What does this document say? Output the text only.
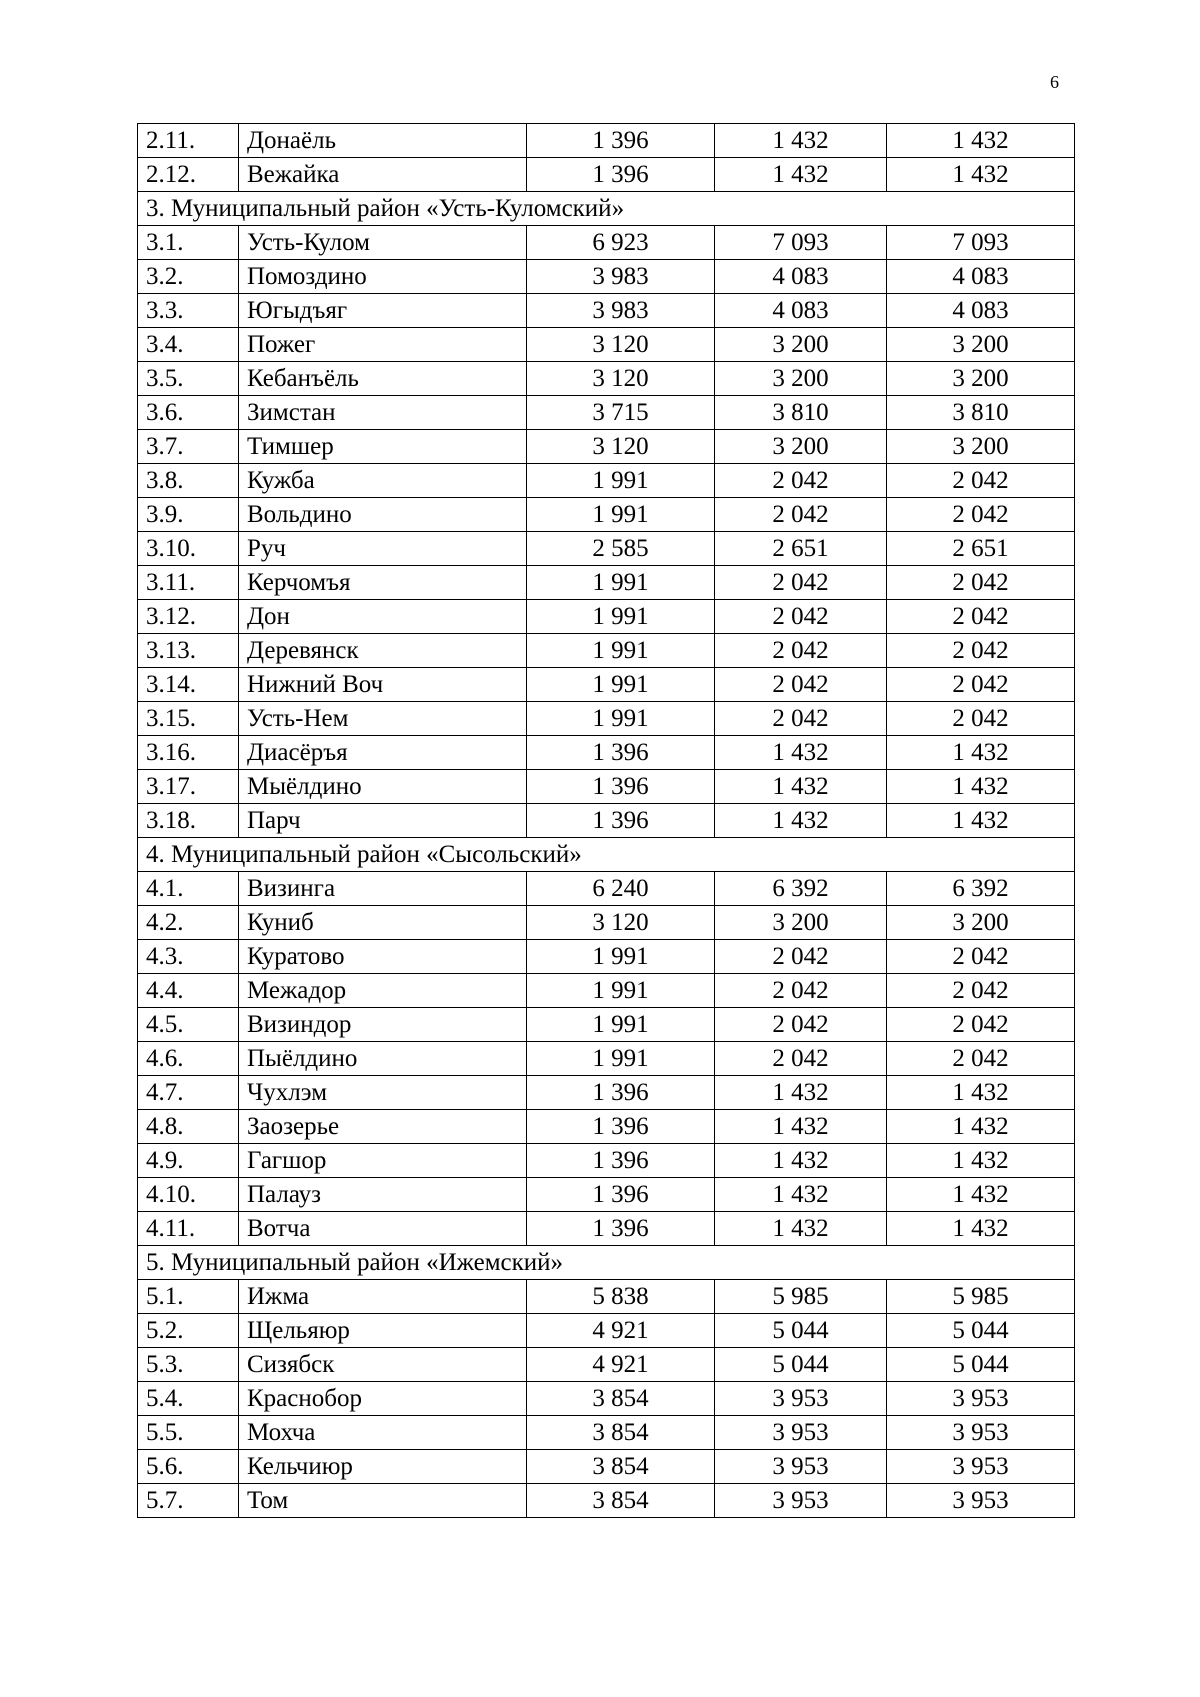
6
2.11.	Донаёль	1 396	1 432	1 432
2.12.	Вежайка	1 396	1 432	1 432
3. Муниципальный район «Усть-Куломский»				
3.1.	Усть-Кулом	6 923	7 093	7 093
3.2.	Помоздино	3 983	4 083	4 083
3.3.	Югыдъяг	3 983	4 083	4 083
3.4.	Пожег	3 120	3 200	3 200
3.5.	Кебанъёль	3 120	3 200	3 200
3.6.	Зимстан	3 715	3 810	3 810
3.7.	Тимшер	3 120	3 200	3 200
3.8.	Кужба	1 991	2 042	2 042
3.9.	Вольдино	1 991	2 042	2 042
3.10.	Руч	2 585	2 651	2 651
3.11.	Керчомъя	1 991	2 042	2 042
3.12.	Дон	1 991	2 042	2 042
3.13.	Деревянск	1 991	2 042	2 042
3.14.	Нижний Воч	1 991	2 042	2 042
3.15.	Усть-Нем	1 991	2 042	2 042
3.16.	Диасёръя	1 396	1 432	1 432
3.17.	Мыёлдино	1 396	1 432	1 432
3.18.	Парч	1 396	1 432	1 432
4. Муниципальный район «Сысольский»				
4.1.	Визинга	6 240	6 392	6 392
4.2.	Куниб	3 120	3 200	3 200
4.3.	Куратово	1 991	2 042	2 042
4.4.	Межадор	1 991	2 042	2 042
4.5.	Визиндор	1 991	2 042	2 042
4.6.	Пыёлдино	1 991	2 042	2 042
4.7.	Чухлэм	1 396	1 432	1 432
4.8.	Заозерье	1 396	1 432	1 432
4.9.	Гагшор	1 396	1 432	1 432
4.10.	Палауз	1 396	1 432	1 432
4.11.	Вотча	1 396	1 432	1 432
5. Муниципальный район «Ижемский»				
5.1.	Ижма	5 838	5 985	5 985
5.2.	Щельяюр	4 921	5 044	5 044
5.3.	Сизябск	4 921	5 044	5 044
5.4.	Краснобор	3 854	3 953	3 953
5.5.	Мохча	3 854	3 953	3 953
5.6.	Кельчиюр	3 854	3 953	3 953
5.7.	Том	3 854	3 953	3 953
